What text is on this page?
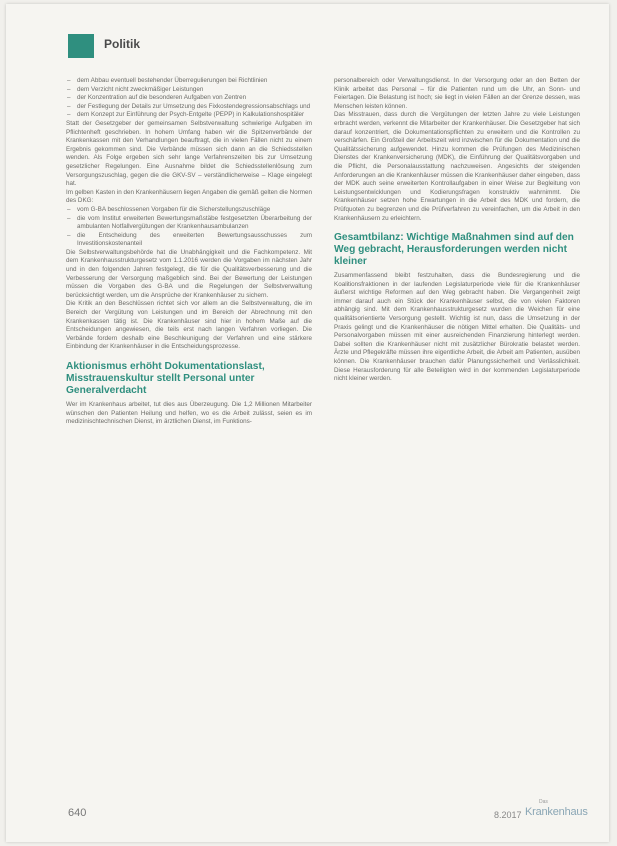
Politik
– dem Abbau eventuell bestehender Überregulierungen bei Richtlinien
– dem Verzicht nicht zweckmäßiger Leistungen
– der Konzentration auf die besonderen Aufgaben von Zentren
– der Festlegung der Details zur Umsetzung des Fixkostendegressionsabschlags und
– dem Konzept zur Einführung der Psych-Entgelte (PEPP) in Kalkulationshospitäler

Statt der Gesetzgeber der gemeinsamen Selbstverwaltung schwierige Aufgaben im Pflichtenheft geschrieben. In hohem Umfang haben wir die Spitzenverbände der Krankenkassen mit den Verhandlungen beauftragt, die in vielen Fällen nicht zu einem Ergebnis gekommen sind. Die Verbände müssen sich dann an die Schiedsstellen wenden. Als Folge ergeben sich sehr lange Verfahrenszeiten bis zur Umsetzung gesetzlicher Regelungen. Eine Ausnahme bildet die Schiedsstellenlösung zum Versorgungszuschlag, gegen die die GKV-SV – verständlicherweise – Klage eingelegt hat.

Im gelben Kasten in den Krankenhäusern liegen Angaben die gemäß gelten die Normen des DKG:

– vom G-BA beschlossenen Vorgaben für die Sicherstellungszuschläge
– die vom Institut erweiterten Bewertungsmaßstäbe festgesetzten Überarbeitung der ambulanten Notfallvergütungen der Krankenhausambulanzen
– die Entscheidung des erweiterten Bewertungsausschusses zum Investitionskostenanteil

Die Selbstverwaltungsbehörde hat die Unabhängigkeit und die Fachkompetenz. Mit dem Krankenhausstrukturgesetz vom 1.1.2016 werden die Vorgaben im nächsten Jahr und in den folgenden Jahren festgelegt, die für die Qualitätsverbesserung und die Verbesserung der Versorgung maßgeblich sind. Bei der Bewertung der Leistungen müssen die Vorgaben des G-BA und die Regelungen der Selbstverwaltung berücksichtigt werden, um die Ansprüche der Krankenhäuser zu sichern.

Die Kritik an den Beschlüssen richtet sich vor allem an die Selbstverwaltung, die im Bereich der Vergütung von Leistungen und im Bereich der Abrechnung mit den Krankenkassen tätig ist. Die Krankenhäuser sind hier in hohem Maße auf die Entscheidungen angewiesen, die teils erst nach langen Verfahren vorliegen. Die Verbände fordern deshalb eine Beschleunigung der Verfahren und eine stärkere Einbindung der Krankenhäuser in die Entscheidungsprozesse.

Aktionismus erhöht Dokumentationslast, Misstrauenskultur stellt Personal unter Generalverdacht

Wer im Krankenhaus arbeitet, tut dies aus Überzeugung. Die 1,2 Millionen Mitarbeiter wünschen den Patienten Heilung und helfen, wo es die Arbeit zulässt, seien es im medizinischtechnischen Dienst, im ärztlichen Dienst, im Funktions-

personalbereich oder Verwaltungsdienst. In der Versorgung oder an den Betten der Klinik arbeitet das Personal – für die Patienten rund um die Uhr, an Sonn- und Feiertagen. Die Belastung ist hoch; sie liegt in vielen Fällen an der Grenze dessen, was Menschen leisten können.

Das Misstrauen, dass durch die Vergütungen der letzten Jahre zu viele Leistungen erbracht werden, verkennt die Mitarbeiter der Krankenhäuser. Die Gesetzgeber hat sich darauf konzentriert, die Dokumentationspflichten zu erweitern und die Kontrollen zu verschärfen. Ein Großteil der Arbeitszeit wird inzwischen für die Dokumentation und die Qualitätssicherung aufgewendet. Hinzu kommen die Prüfungen des Medizinischen Dienstes der Krankenversicherung (MDK), die Einführung der Qualitätsvorgaben und die Pflicht, die Personalausstattung nachzuweisen. Angesichts der steigenden Anforderungen an die Krankenhäuser müssen die Krankenhäuser daher eingeben, dass der MDK auch seine erweiterten Kontrollaufgaben in einer Weise zur Begleitung von Leistungsentwicklungen und Kodierungsfragen konstruktiv wahrnimmt. Die Krankenhäuser setzen hohe Erwartungen in die Arbeit des MDK und fordern, die Prüfquoten zu begrenzen und die Prüfverfahren zu vereinfachen, um die Arbeit in den Krankenhäusern zu erleichtern.

Gesamtbilanz: Wichtige Maßnahmen sind auf den Weg gebracht, Herausforderungen werden nicht kleiner

Zusammenfassend bleibt festzuhalten, dass die Bundesregierung und die Koalitionsfraktionen in der laufenden Legislaturperiode viele für die Krankenhäuser äußerst wichtige Reformen auf den Weg gebracht haben. Die Vergangenheit zeigt immer darauf auch ein Stück der Krankenhäuser selbst, die von vielen Faktoren abhängig sind. Mit dem Krankenhausstrukturgesetz wurden die Weichen für eine qualitätsorientierte Versorgung gestellt. Wichtig ist nun, dass die Umsetzung in der Praxis gelingt und die Krankenhäuser die nötigen Mittel erhalten. Die Qualitäts- und Personalvorgaben müssen mit einer ausreichenden Finanzierung hinterlegt werden. Dabei sollten die Krankenhäuser nicht mit zusätzlicher Bürokratie belastet werden. Ärzte und Pflegekräfte müssen ihre eigentliche Arbeit, die Arbeit am Patienten, ausüben können. Die Krankenhäuser brauchen dafür Planungssicherheit und Verlässlichkeit. Diese Herausforderung für alle Beteiligten wird in der kommenden Legislaturperiode nicht kleiner werden.

640	8.2017
Das
Krankenhaus
